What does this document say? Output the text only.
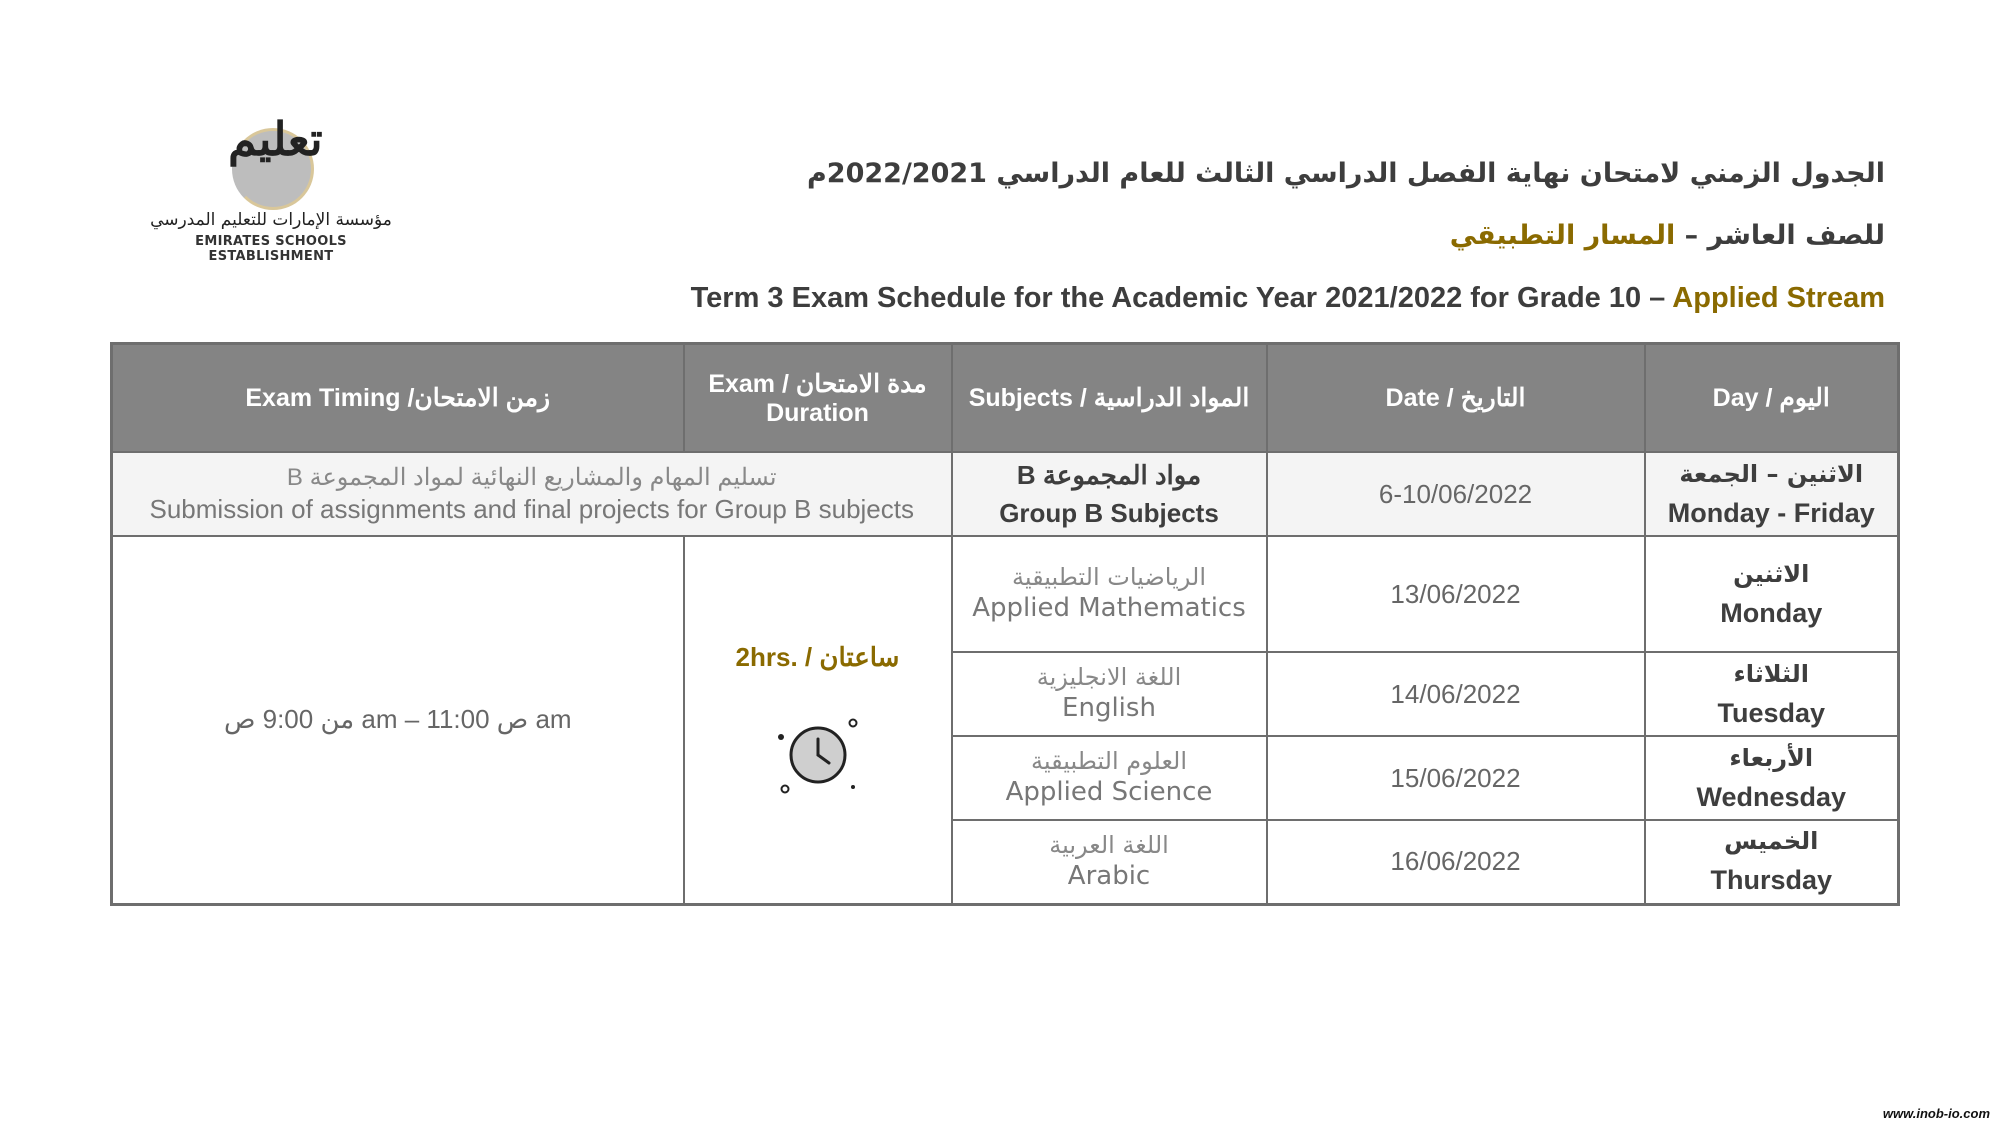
تعليم
مؤسسة الإمارات للتعليم المدرسي
EMIRATES SCHOOLS ESTABLISHMENT
الجدول الزمني لامتحان نهاية الفصل الدراسي الثالث للعام الدراسي 2022/2021م
للصف العاشر – المسار التطبيقي
Term 3 Exam Schedule for the Academic Year 2021/2022 for Grade 10 – Applied Stream
Exam Timing /زمن الامتحان	Exam / مدة الامتحان Duration	Subjects / المواد الدراسية	Date / التاريخ	Day / اليوم

تسليم المهام والمشاريع النهائية لمواد المجموعة B
Submission of assignments and final projects for Group B subjects		مواد المجموعة B
Group B Subjects	6-10/06/2022	الاثنين – الجمعة
Monday - Friday

من 9:00 ص am – 11:00 ص am	2hrs. / ساعتان	الرياضيات التطبيقية
Applied Mathematics	13/06/2022	الاثنين
Monday

		اللغة الانجليزية
English	14/06/2022	الثلاثاء
Tuesday

		العلوم التطبيقية
Applied Science	15/06/2022	الأربعاء
Wednesday

		اللغة العربية
Arabic	16/06/2022	الخميس
Thursday
www.inob-io.com
